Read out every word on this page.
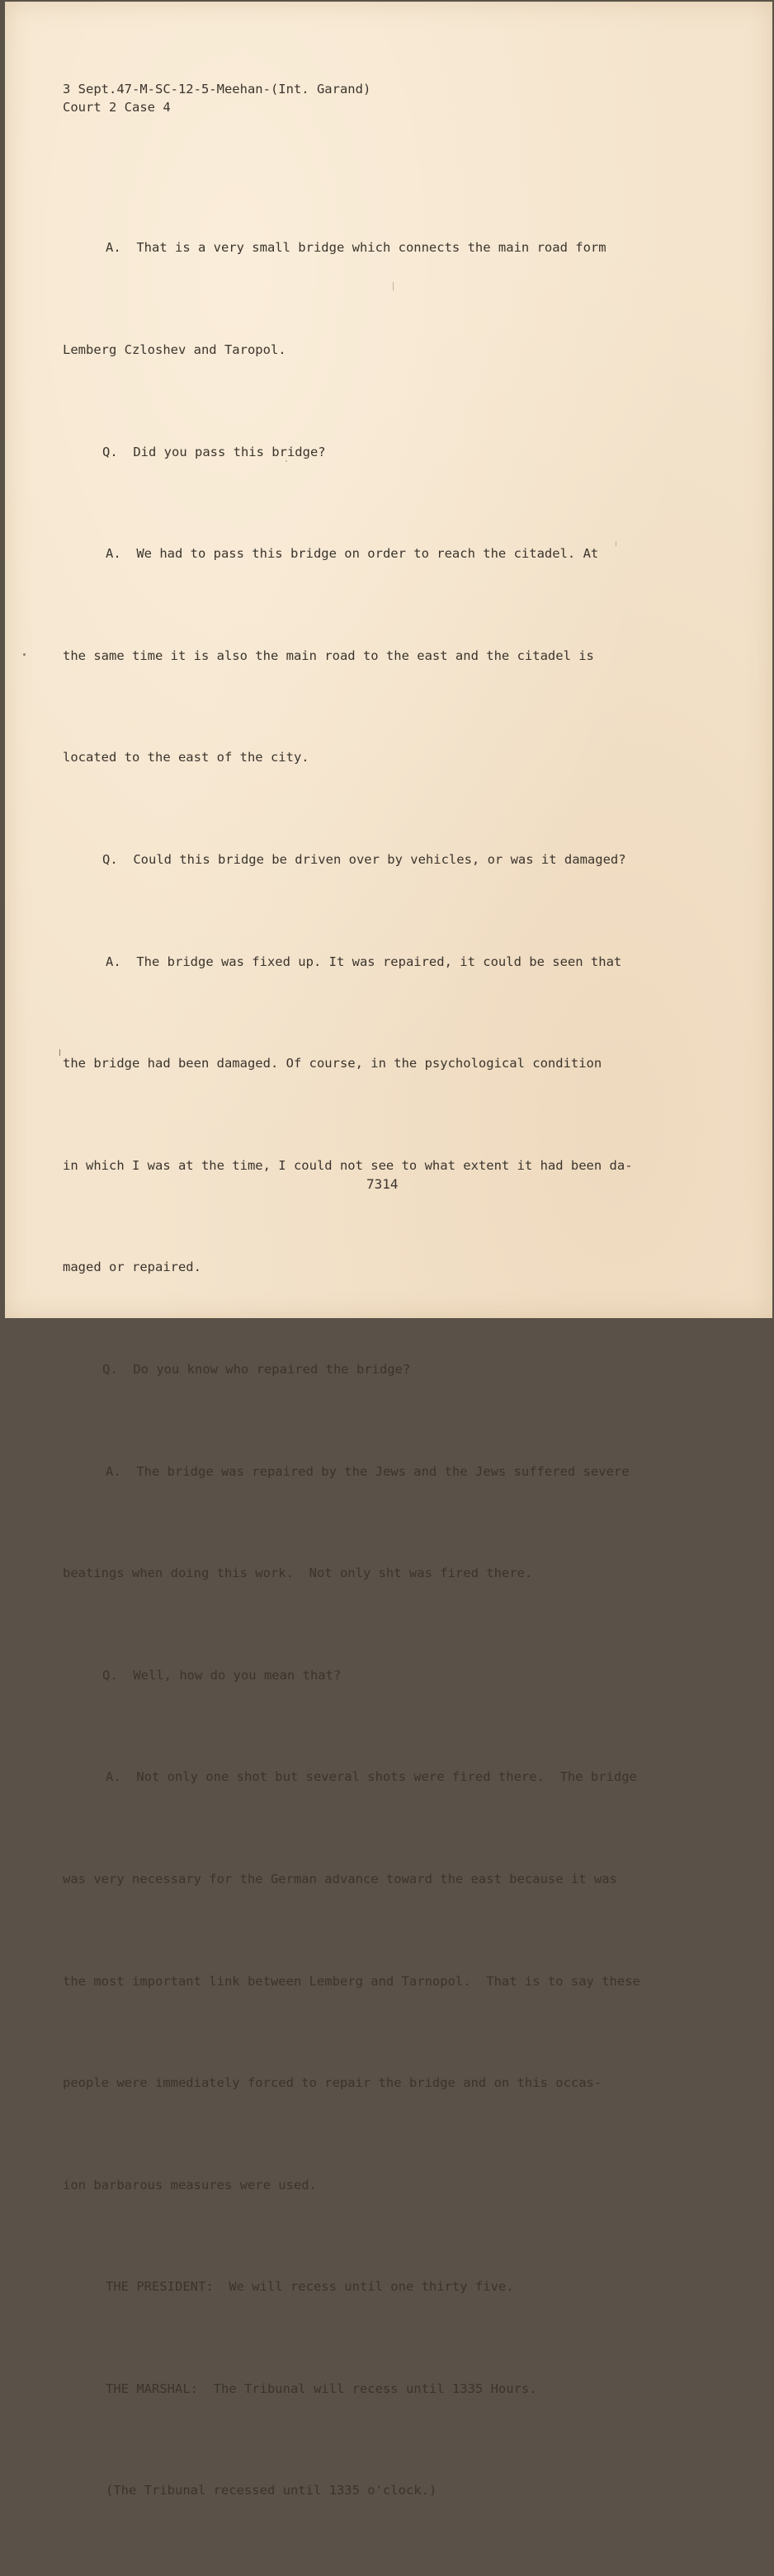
3 Sept.47-M-SC-12-5-Meehan-(Int. Garand)
Court 2 Case 4

A.  That is a very small bridge which connects the main road form

Lemberg Czloshev and Taropol.

Q.  Did you pass this bridge?

A.  We had to pass this bridge on order to reach the citadel. At

the same time it is also the main road to the east and the citadel is

located to the east of the city.

Q.  Could this bridge be driven over by vehicles, or was it damaged?

A.  The bridge was fixed up. It was repaired, it could be seen that

the bridge had been damaged. Of course, in the psychological condition

in which I was at the time, I could not see to what extent it had been da-

maged or repaired.

Q.  Do you know who repaired the bridge?

A.  The bridge was repaired by the Jews and the Jews suffered severe

beatings when doing this work.  Not only sht was fired there.

Q.  Well, how do you mean that?

A.  Not only one shot but several shots were fired there.  The bridge

was very necessary for the German advance toward the east because it was

the most important link between Lemberg and Tarnopol.  That is to say these

people were immediately forced to repair the bridge and on this occas-

ion barbarous measures were used.

THE PRESIDENT:  We will recess until one thirty five.

THE MARSHAL:  The Tribunal will recess until 1335 Hours.

(The Tribunal recessed until 1335 o'clock.)

7314
